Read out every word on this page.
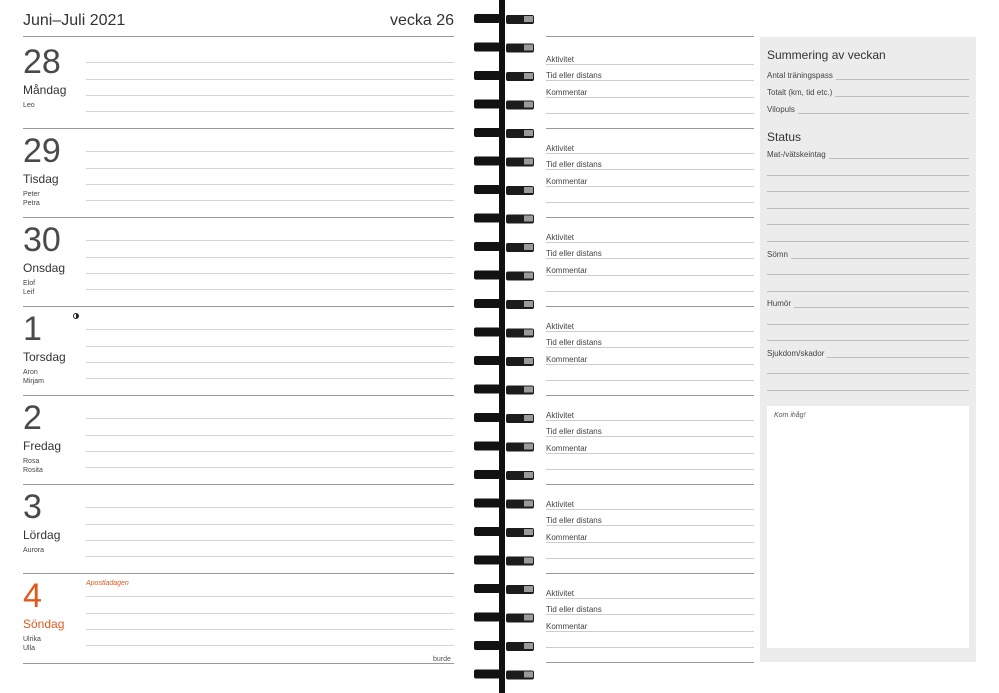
Juni–Juli 2021	vecka 26
28
Måndag
Leo
29
Tisdag
Peter
Petra
30
Onsdag
Elof
Leif
1
Torsdag
Aron
Mirjam
2
Fredag
Rosa
Rosita
3
Lördag
Aurora
4	Apostladagen
Söndag
Ulrika
Ulla
burde
Aktivitet
Tid eller distans
Kommentar
Aktivitet
Tid eller distans
Kommentar
Aktivitet
Tid eller distans
Kommentar
Aktivitet
Tid eller distans
Kommentar
Aktivitet
Tid eller distans
Kommentar
Aktivitet
Tid eller distans
Kommentar
Aktivitet
Tid eller distans
Kommentar
Summering av veckan
Antal träningspass
Totalt (km, tid etc.)
Vilopuls
Status
Mat-/vätskeintag
Sömn
Humör
Sjukdom/skador
Kom ihåg!
